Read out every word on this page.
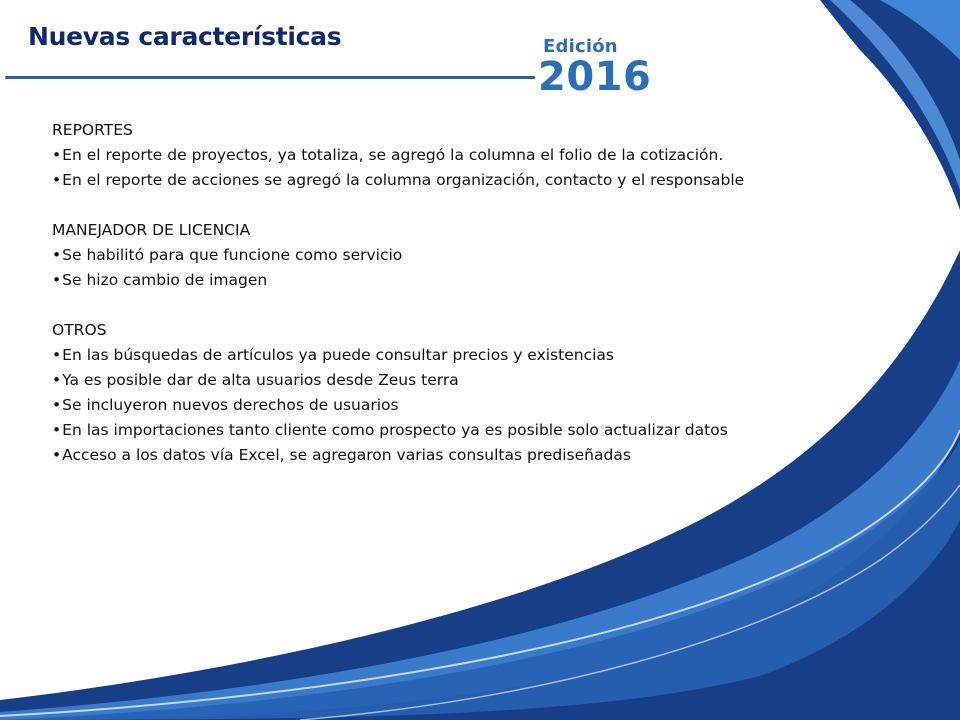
Nuevas características	Edición
2016
REPORTES
•En el reporte de proyectos, ya totaliza, se agregó la columna el folio de la cotización.
•En el reporte de acciones se agregó la columna organización, contacto y el responsable
MANEJADOR DE LICENCIA
•Se habilitó para que funcione como servicio
•Se hizo cambio de imagen
OTROS
•En las búsquedas de artículos ya puede consultar precios y existencias
•Ya es posible dar de alta usuarios desde Zeus terra
•Se incluyeron nuevos derechos de usuarios
•En las importaciones tanto cliente como prospecto ya es posible solo actualizar datos
•Acceso a los datos vía Excel, se agregaron varias consultas prediseñadas
